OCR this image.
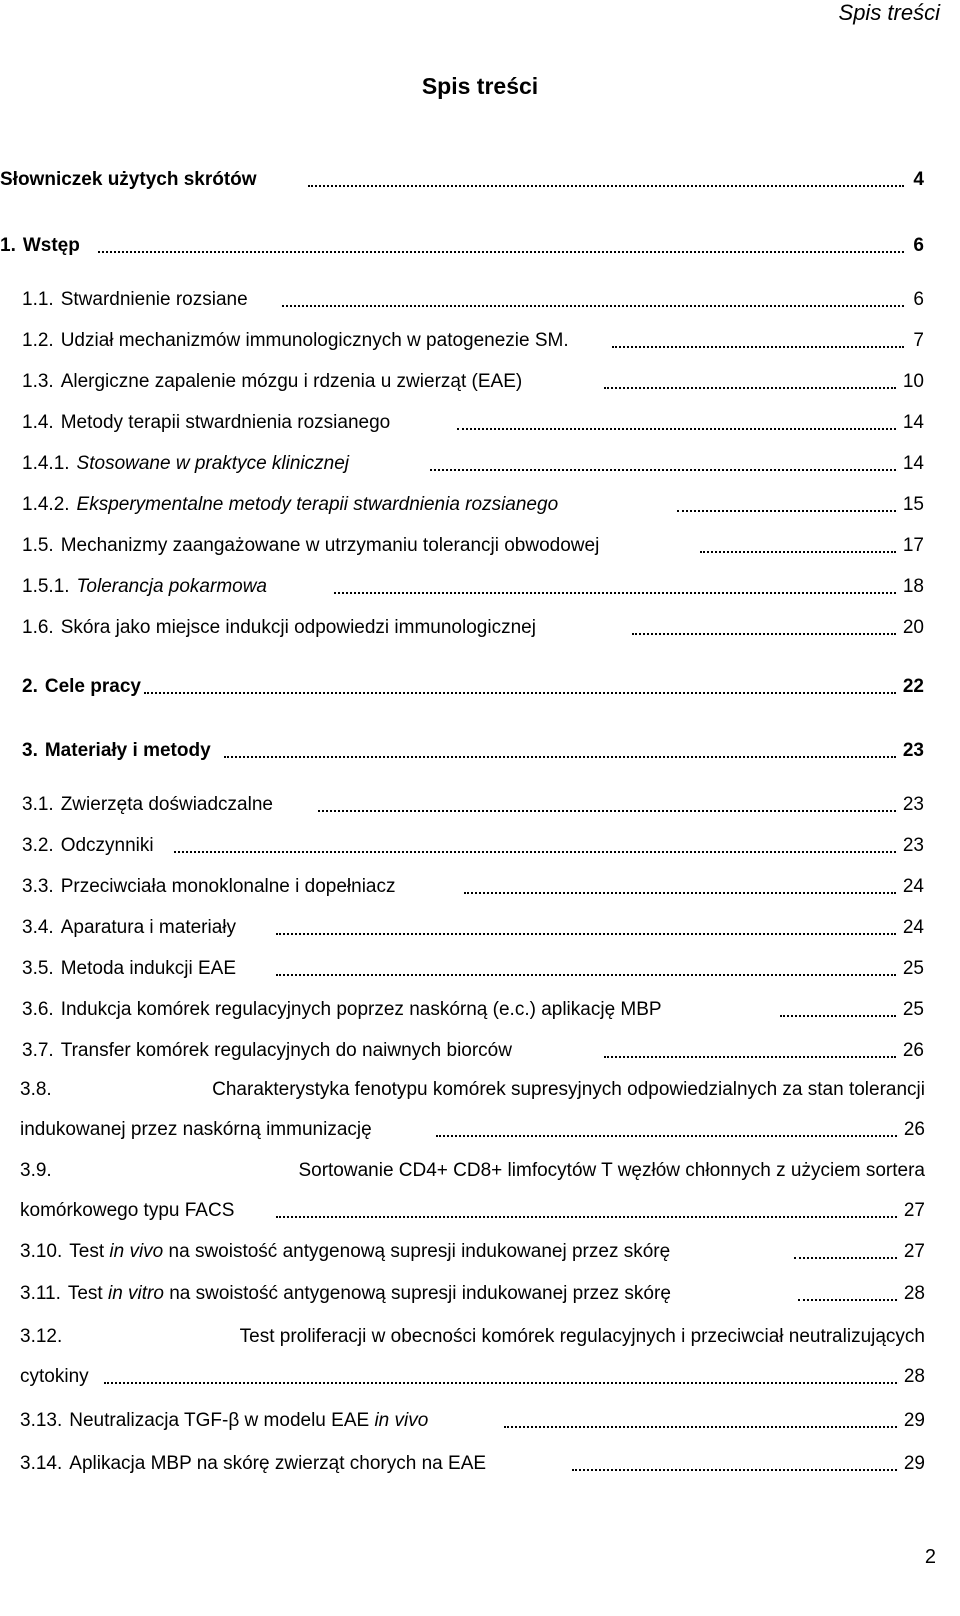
Spis treści
Spis treści
Słowniczek użytych skrótów	4
1. Wstęp	6
1.1. Stwardnienie rozsiane	6
1.2. Udział mechanizmów immunologicznych w patogenezie SM.	7
1.3. Alergiczne zapalenie mózgu i rdzenia u zwierząt (EAE)	10
1.4. Metody terapii stwardnienia rozsianego	14
1.4.1. Stosowane w praktyce klinicznej	14
1.4.2. Eksperymentalne metody terapii stwardnienia rozsianego	15
1.5. Mechanizmy zaangażowane w utrzymaniu tolerancji obwodowej	17
1.5.1. Tolerancja pokarmowa	18
1.6. Skóra jako miejsce indukcji odpowiedzi immunologicznej	20
2. Cele pracy	22
3. Materiały i metody	23
3.1. Zwierzęta doświadczalne	23
3.2. Odczynniki	23
3.3. Przeciwciała monoklonalne i dopełniacz	24
3.4. Aparatura i materiały	24
3.5. Metoda indukcji EAE	25
3.6. Indukcja komórek regulacyjnych poprzez naskórną (e.c.) aplikację MBP	25
3.7. Transfer komórek regulacyjnych do naiwnych biorców	26
3.8.	Charakterystyka fenotypu komórek supresyjnych odpowiedzialnych za stan tolerancji
indukowanej przez naskórną immunizację	26
3.9.	Sortowanie CD4+ CD8+ limfocytów T węzłów chłonnych z użyciem sortera
komórkowego typu FACS	27
3.10. Test in vivo na swoistość antygenową supresji indukowanej przez skórę	27
3.11. Test in vitro na swoistość antygenową supresji indukowanej przez skórę	28
3.12.	Test proliferacji w obecności komórek regulacyjnych i przeciwciał neutralizujących
cytokiny	28
3.13. Neutralizacja TGF-β w modelu EAE in vivo	29
3.14. Aplikacja MBP na skórę zwierząt chorych na EAE	29
2
